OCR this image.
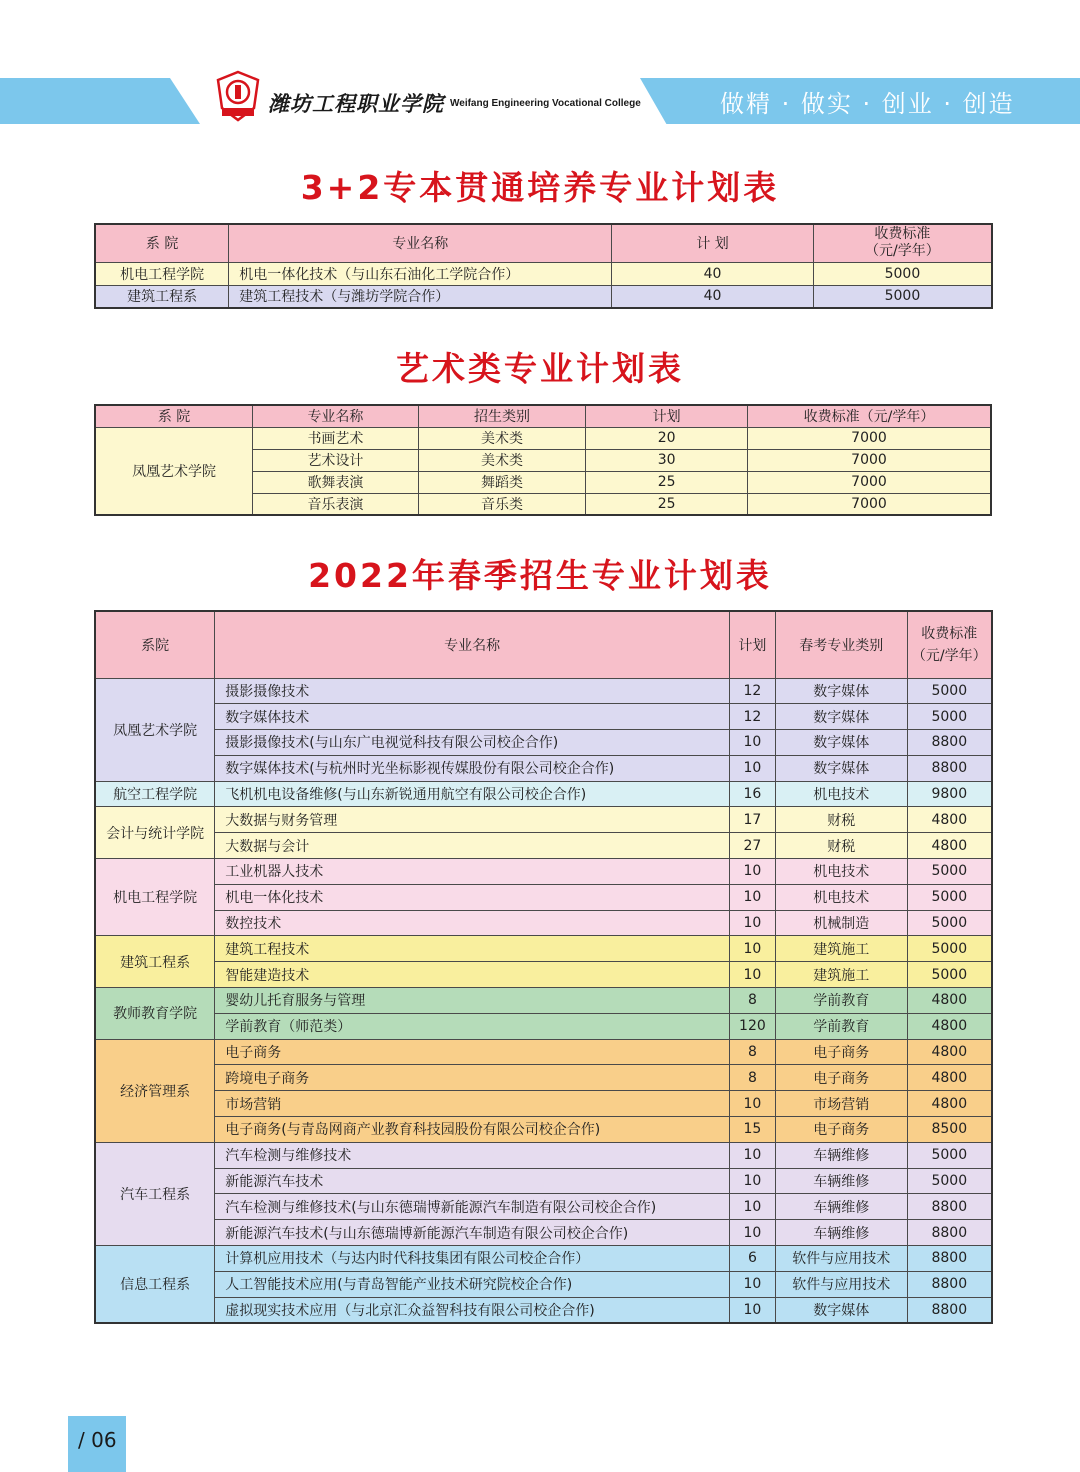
做精 · 做实 · 创业 · 创造
潍坊工程职业学院 Weifang Engineering Vocational College
3+2专本贯通培养专业计划表
系 院	专业名称	计 划	收费标准
（元/学年）
机电工程学院	机电一体化技术（与山东石油化工学院合作）	40	5000
建筑工程系	建筑工程技术（与潍坊学院合作）	40	5000
艺术类专业计划表
系 院	专业名称	招生类别	计划	收费标准（元/学年）
凤凰艺术学院	书画艺术	美术类	20	7000
	艺术设计	美术类	30	7000
	歌舞表演	舞蹈类	25	7000
	音乐表演	音乐类	25	7000
2022年春季招生专业计划表
系院	专业名称	计划	春考专业类别	收费标准
（元/学年）
凤凰艺术学院	摄影摄像技术	12	数字媒体	5000
	数字媒体技术	12	数字媒体	5000
	摄影摄像技术(与山东广电视觉科技有限公司校企合作)	10	数字媒体	8800
	数字媒体技术(与杭州时光坐标影视传媒股份有限公司校企合作)	10	数字媒体	8800
航空工程学院	飞机机电设备维修(与山东新锐通用航空有限公司校企合作)	16	机电技术	9800
会计与统计学院	大数据与财务管理	17	财税	4800
	大数据与会计	27	财税	4800
机电工程学院	工业机器人技术	10	机电技术	5000
	机电一体化技术	10	机电技术	5000
	数控技术	10	机械制造	5000
建筑工程系	建筑工程技术	10	建筑施工	5000
	智能建造技术	10	建筑施工	5000
教师教育学院	婴幼儿托育服务与管理	8	学前教育	4800
	学前教育（师范类）	120	学前教育	4800
经济管理系	电子商务	8	电子商务	4800
	跨境电子商务	8	电子商务	4800
	市场营销	10	市场营销	4800
	电子商务(与青岛网商产业教育科技园股份有限公司校企合作)	15	电子商务	8500
汽车工程系	汽车检测与维修技术	10	车辆维修	5000
	新能源汽车技术	10	车辆维修	5000
	汽车检测与维修技术(与山东德瑞博新能源汽车制造有限公司校企合作)	10	车辆维修	8800
	新能源汽车技术(与山东德瑞博新能源汽车制造有限公司校企合作)	10	车辆维修	8800
信息工程系	计算机应用技术（与达内时代科技集团有限公司校企合作）	6	软件与应用技术	8800
	人工智能技术应用(与青岛智能产业技术研究院校企合作)	10	软件与应用技术	8800
	虚拟现实技术应用（与北京汇众益智科技有限公司校企合作)	10	数字媒体	8800
/ 06
